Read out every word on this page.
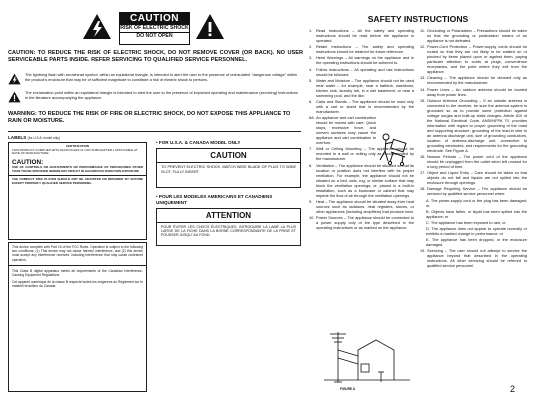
CAUTION
RISK OF ELECTRIC SHOCK
DO NOT OPEN
CAUTION: TO REDUCE THE RISK OF ELECTRIC SHOCK, DO NOT REMOVE COVER (OR BACK). NO USER SERVICEABLE PARTS INSIDE. REFER SERVICING TO QUALIFIED SERVICE PERSONNEL.
The lightning flash with arrowhead symbol, within an equilateral triangle, is intended to alert the user to the presence of uninsulated "dangerous voltage" within the product's enclosure that may be of sufficient magnitude to constitute a risk of electric shock to persons.
The exclamation point within an equilateral triangle is intended to alert the user to the presence of important operating and maintenance (servicing) instructions in the literature accompanying the appliance.
WARNING: TO REDUCE THE RISK OF FIRE OR ELECTRIC SHOCK, DO NOT EXPOSE THIS APPLIANCE TO RAIN OR MOISTURE.
LABELS (for U.S.A. model only)
CERTIFICATION
THIS PRODUCT COMPLIES WITH DHHS RULES 21 CFR SUBCHAPTER J APPLICABLE AT DATE OF MANUFACTURE.
CAUTION:
USE OF CONTROLS OR ADJUSTMENTS OR PERFORMANCE OF PROCEDURES OTHER THAN THOSE SPECIFIED HEREIN MAY RESULT IN HAZARDOUS RADIATION EXPOSURE.
THE COMPACT DISC PLAYER SHOULD NOT BE ADJUSTED OR REPAIRED BY ANYONE EXCEPT PROPERLY QUALIFIED SERVICE PERSONNEL.
This device complies with Part 15 of the FCC Rules. Operation is subject to the following two conditions: (1) This device may not cause harmful interference, and (2) this device must accept any interference received, including interference that may cause undesired operation.
This Class B digital apparatus meets all requirements of the Canadian Interference-Causing Equipment Regulations.
Cet appareil numérique de la classe B respecte toutes les exigences du Règlement sur le matériel brouilleur du Canada.
• FOR U.S.A. & CANADA MODEL ONLY
CAUTION
TO PREVENT ELECTRIC SHOCK, MATCH WIDE BLADE OF PLUG TO WIDE SLOT, FULLY INSERT.
• POUR LES MODELES AMERICAINS ET CANADIENS UNIQUEMENT
ATTENTION
POUR ÉVITER LES CHOCS ÉLECTRIQUES, INTRODUIRE LA LAME LA PLUS LARGE DE LA FICHE DANS LA BORNE CORRESPONDANTE DE LA PRISE ET POUSSER JUSQU' AU FOND.
SAFETY INSTRUCTIONS
1. Read Instructions – All the safety and operating instructions should be read before the appliance is operated.
2. Retain Instructions – The safety and operating instructions should be retained for future reference.
3. Heed Warnings – All warnings on the appliance and in the operating instructions should be adhered to.
4. Follow Instructions – All operating and use instructions should be followed.
5. Water and Moisture – The appliance should not be used near water – for example, near a bathtub, washbowl, kitchen sink, laundry tub, in a wet basement, or near a swimming pool, and the like.
6. Carts and Stands – The appliance should be used only with a cart or stand that is recommended by the manufacturer.
6A. An appliance and cart combination should be moved with care. Quick stops, excessive force, and uneven surfaces may cause the appliance and cart combination to overturn.
7. Wall or Ceiling Mounting – The appliance should be mounted to a wall or ceiling only as recommended by the manufacturer.
8. Ventilation – The appliance should be situated so that its location or position does not interfere with its proper ventilation. For example, the appliance should not be situated on a bed, sofa, rug, or similar surface that may block the ventilation openings; or, placed in a built-in installation, such as a bookcase or cabinet that may impede the flow of air through the ventilation openings.
9. Heat – The appliance should be situated away from heat sources such as radiators, heat registers, stoves, or other appliances (including amplifiers) that produce heat.
10. Power Sources – The appliance should be connected to a power supply only of the type described in the operating instructions or as marked on the appliance.
11. Grounding or Polarization – Precautions should be taken so that the grounding or polarization means of an appliance is not defeated.
12. Power-Cord Protection – Power-supply cords should be routed so that they are not likely to be walked on or pinched by items placed upon or against them, paying particular attention to cords at plugs, convenience receptacles, and the point where they exit from the appliance.
13. Cleaning – The appliance should be cleaned only as recommended by the manufacturer.
14. Power Lines – An outdoor antenna should be located away from power lines.
15. Outdoor Antenna Grounding – If an outside antenna is connected to the receiver, be sure the antenna system is grounded so as to provide some protection against voltage surges and built-up static charges. Article 810 of the National Electrical Code, ANSI/NFPA 70, provides information with regard to proper grounding of the mast and supporting structure, grounding of the lead-in wire to an antenna discharge unit, size of grounding conductors, location of antenna-discharge unit, connection to grounding electrodes, and requirements for the grounding electrode. See Figure A.
16. Nonuse Periods – The power cord of the appliance should be unplugged from the outlet when left unused for a long period of time.
17. Object and Liquid Entry – Care should be taken so that objects do not fall and liquids are not spilled into the enclosure through openings.
18. Damage Requiring Service – The appliance should be serviced by qualified service personnel when:
A. The power-supply cord or the plug has been damaged; or
B. Objects have fallen, or liquid has been spilled into the appliance; or
C. The appliance has been exposed to rain; or
D. The appliance does not appear to operate normally or exhibits a marked change in performance; or
E. The appliance has been dropped, or the enclosure damaged.
19. Servicing – The user should not attempt to service the appliance beyond that described in the operating instructions. All other servicing should be referred to qualified service personnel.
FIGURE A	2
